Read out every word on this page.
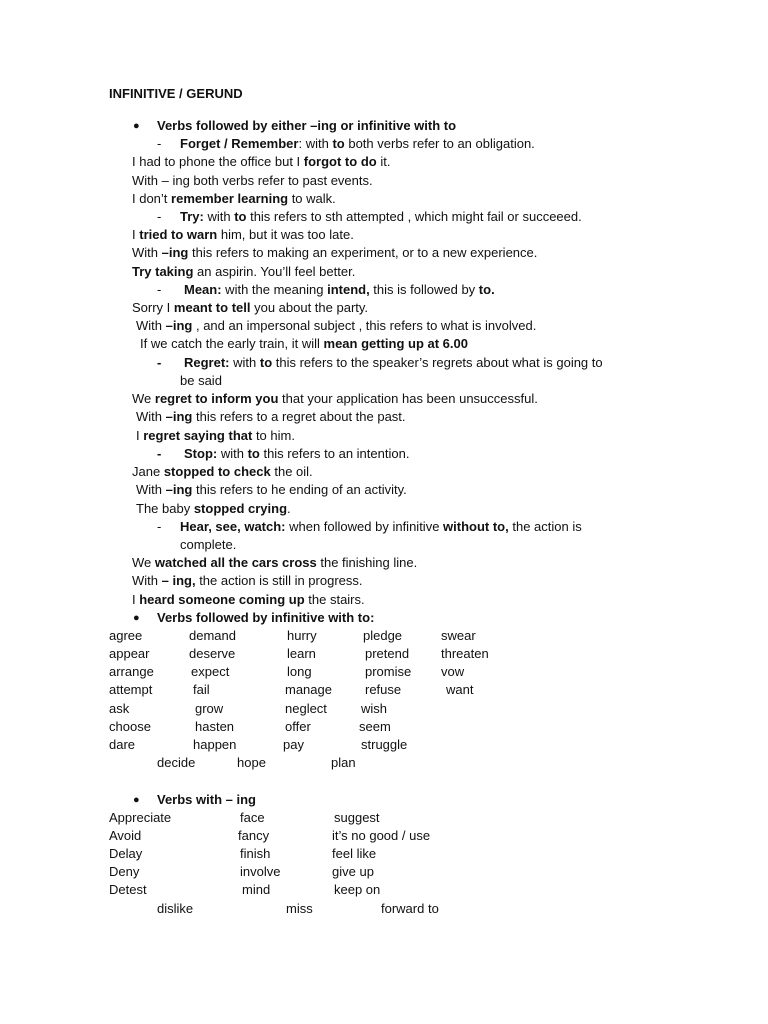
INFINITIVE / GERUND
● Verbs followed by either –ing or infinitive with to
- Forget / Remember: with to both verbs refer to an obligation.
I had to phone the office but I forgot to do it.
With – ing both verbs refer to past events.
I don’t remember learning to walk.
- Try: with to this refers to sth attempted , which might fail or succeeed.
I tried to warn him, but it was too late.
With –ing this refers to making an experiment, or to a new experience.
Try taking an aspirin. You’ll feel better.
- Mean: with the meaning intend, this is followed by to.
Sorry I meant to tell you about the party.
With –ing , and an impersonal subject , this refers to what is involved.
If we catch the early train, it will mean getting up at 6.00
- Regret: with to this refers to the speaker’s regrets about what is going to
be said
We regret to inform you that your application has been unsuccessful.
With –ing this refers to a regret about the past.
I regret saying that to him.
- Stop: with to this refers to an intention.
Jane stopped to check the oil.
With –ing this refers to he ending of an activity.
The baby stopped crying.
- Hear, see, watch: when followed by infinitive without to, the action is
complete.
We watched all the cars cross the finishing line.
With – ing, the action is still in progress.
I heard someone coming up the stairs.
● Verbs followed by infinitive with to:
agree	demand	hurry	pledge	swear
appear	deserve	learn	pretend threaten
arrange	expect	long	promise vow
attempt	fail	manage	refuse	want
ask	grow	neglect	wish
choose	hasten	offer	seem
dare	happen	pay	struggle
decide	hope	plan
● Verbs with – ing
Appreciate	face	suggest
Avoid	fancy	it’s no good / use
Delay	finish	feel like
Deny	involve	give up
Detest	mind	keep on
dislike	miss	forward to
